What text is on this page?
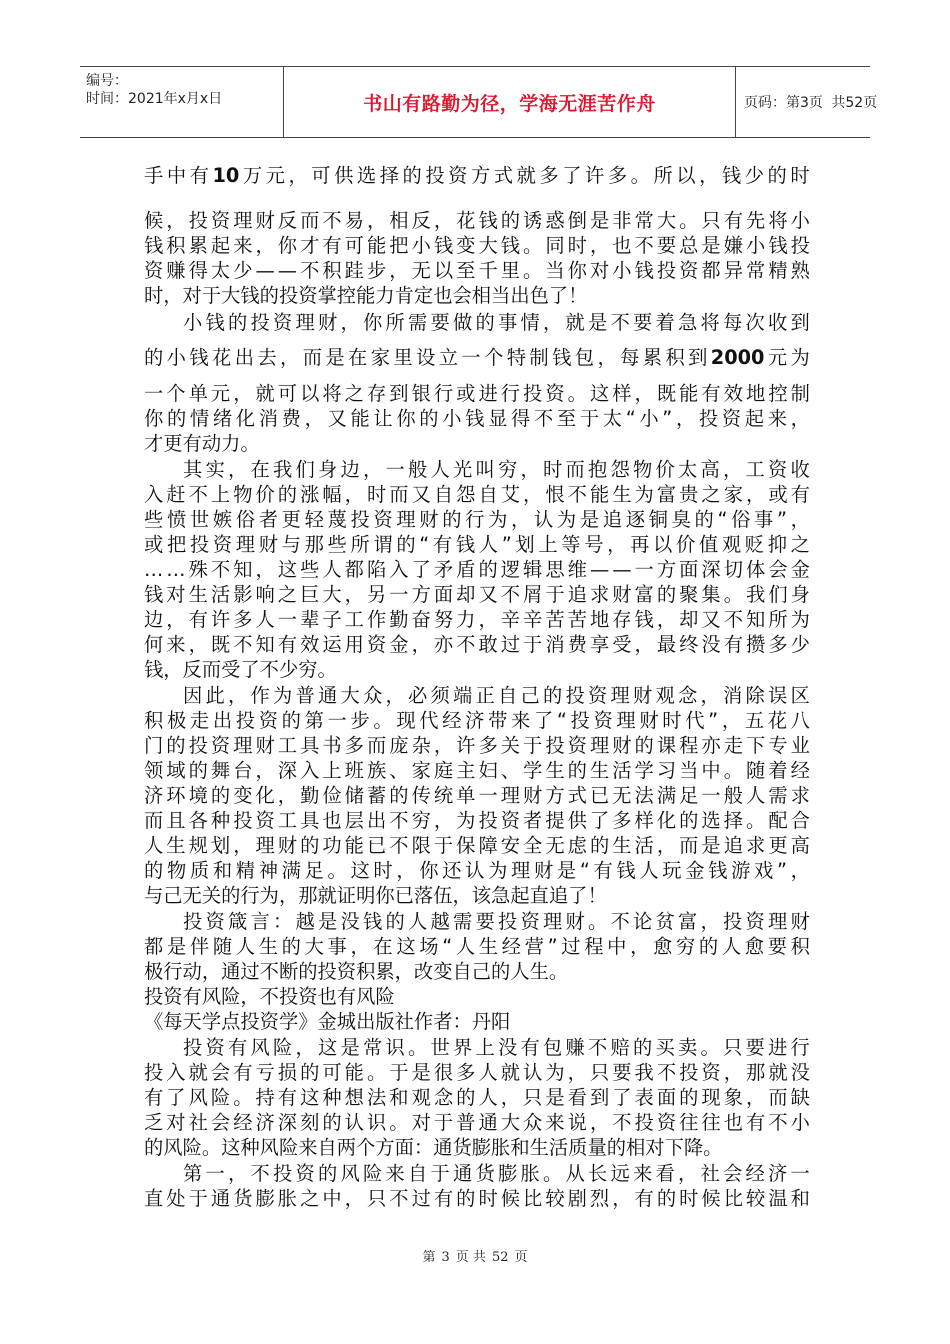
编号：
时间：2021年x月x日	书山有路勤为径，学海无涯苦作舟	页码：第3页 共52页
手 中 有 10 万 元 ， 可 供 选 择 的 投 资 方 式 就 多 了 许 多 。 所 以 ， 钱 少 的 时
候 ， 投 资 理 财 反 而 不 易 ， 相 反 ， 花 钱 的 诱 惑 倒 是 非 常 大 。 只 有 先 将 小
钱 积 累 起 来 ， 你 才 有 可 能 把 小 钱 变 大 钱 。 同 时 ， 也 不 要 总 是 嫌 小 钱 投
资 赚 得 太 少 — — 不 积 跬 步 ， 无 以 至 千 里 。 当 你 对 小 钱 投 资 都 异 常 精 熟
时，对于大钱的投资掌控能力肯定也会相当出色了！
小 钱 的 投 资 理 财 ， 你 所 需 要 做 的 事 情 ， 就 是 不 要 着 急 将 每 次 收 到
的 小 钱 花 出 去 ， 而 是 在 家 里 设 立 一 个 特 制 钱 包 ， 每 累 积 到 2000 元 为
一 个 单 元 ， 就 可 以 将 之 存 到 银 行 或 进 行 投 资 。 这 样 ， 既 能 有 效 地 控 制
你 的 情 绪 化 消 费 ， 又 能 让 你 的 小 钱 显 得 不 至 于 太 “ 小 ” ， 投 资 起 来 ，
才更有动力。
其 实 ， 在 我 们 身 边 ， 一 般 人 光 叫 穷 ， 时 而 抱 怨 物 价 太 高 ， 工 资 收
入 赶 不 上 物 价 的 涨 幅 ， 时 而 又 自 怨 自 艾 ， 恨 不 能 生 为 富 贵 之 家 ， 或 有
些 愤 世 嫉 俗 者 更 轻 蔑 投 资 理 财 的 行 为 ， 认 为 是 追 逐 铜 臭 的 “ 俗 事 ” ，
或 把 投 资 理 财 与 那 些 所 谓 的 “ 有 钱 人 ” 划 上 等 号 ， 再 以 价 值 观 贬 抑 之
… … 殊 不 知 ， 这 些 人 都 陷 入 了 矛 盾 的 逻 辑 思 维 — — 一 方 面 深 切 体 会 金
钱 对 生 活 影 响 之 巨 大 ， 另 一 方 面 却 又 不 屑 于 追 求 财 富 的 聚 集 。 我 们 身
边 ， 有 许 多 人 一 辈 子 工 作 勤 奋 努 力 ， 辛 辛 苦 苦 地 存 钱 ， 却 又 不 知 所 为
何 来 ， 既 不 知 有 效 运 用 资 金 ， 亦 不 敢 过 于 消 费 享 受 ， 最 终 没 有 攒 多 少
钱，反而受了不少穷。
因 此 ， 作 为 普 通 大 众 ， 必 须 端 正 自 己 的 投 资 理 财 观 念 ， 消 除 误 区
积 极 走 出 投 资 的 第 一 步 。 现 代 经 济 带 来 了 “ 投 资 理 财 时 代 ” ， 五 花 八
门 的 投 资 理 财 工 具 书 多 而 庞 杂 ， 许 多 关 于 投 资 理 财 的 课 程 亦 走 下 专 业
领 域 的 舞 台 ， 深 入 上 班 族 、 家 庭 主 妇 、 学 生 的 生 活 学 习 当 中 。 随 着 经
济 环 境 的 变 化 ， 勤 俭 储 蓄 的 传 统 单 一 理 财 方 式 已 无 法 满 足 一 般 人 需 求
而 且 各 种 投 资 工 具 也 层 出 不 穷 ， 为 投 资 者 提 供 了 多 样 化 的 选 择 。 配 合
人 生 规 划 ， 理 财 的 功 能 已 不 限 于 保 障 安 全 无 虑 的 生 活 ， 而 是 追 求 更 高
的 物 质 和 精 神 满 足 。 这 时 ， 你 还 认 为 理 财 是 “ 有 钱 人 玩 金 钱 游 戏 ” ，
与己无关的行为，那就证明你已落伍，该急起直追了！
投 资 箴 言 ： 越 是 没 钱 的 人 越 需 要 投 资 理 财 。 不 论 贫 富 ， 投 资 理 财
都 是 伴 随 人 生 的 大 事 ， 在 这 场 “ 人 生 经 营 ” 过 程 中 ， 愈 穷 的 人 愈 要 积
极行动，通过不断的投资积累，改变自己的人生。
投资有风险，不投资也有风险
《每天学点投资学》金城出版社作者：丹阳
投 资 有 风 险 ， 这 是 常 识 。 世 界 上 没 有 包 赚 不 赔 的 买 卖 。 只 要 进 行
投 入 就 会 有 亏 损 的 可 能 。 于 是 很 多 人 就 认 为 ， 只 要 我 不 投 资 ， 那 就 没
有 了 风 险 。 持 有 这 种 想 法 和 观 念 的 人 ， 只 是 看 到 了 表 面 的 现 象 ， 而 缺
乏 对 社 会 经 济 深 刻 的 认 识 。 对 于 普 通 大 众 来 说 ， 不 投 资 往 往 也 有 不 小
的风险。这种风险来自两个方面：通货膨胀和生活质量的相对下降。
第 一 ， 不 投 资 的 风 险 来 自 于 通 货 膨 胀 。 从 长 远 来 看 ， 社 会 经 济 一
直 处 于 通 货 膨 胀 之 中 ， 只 不 过 有 的 时 候 比 较 剧 烈 ， 有 的 时 候 比 较 温 和
第 3 页 共 52 页
